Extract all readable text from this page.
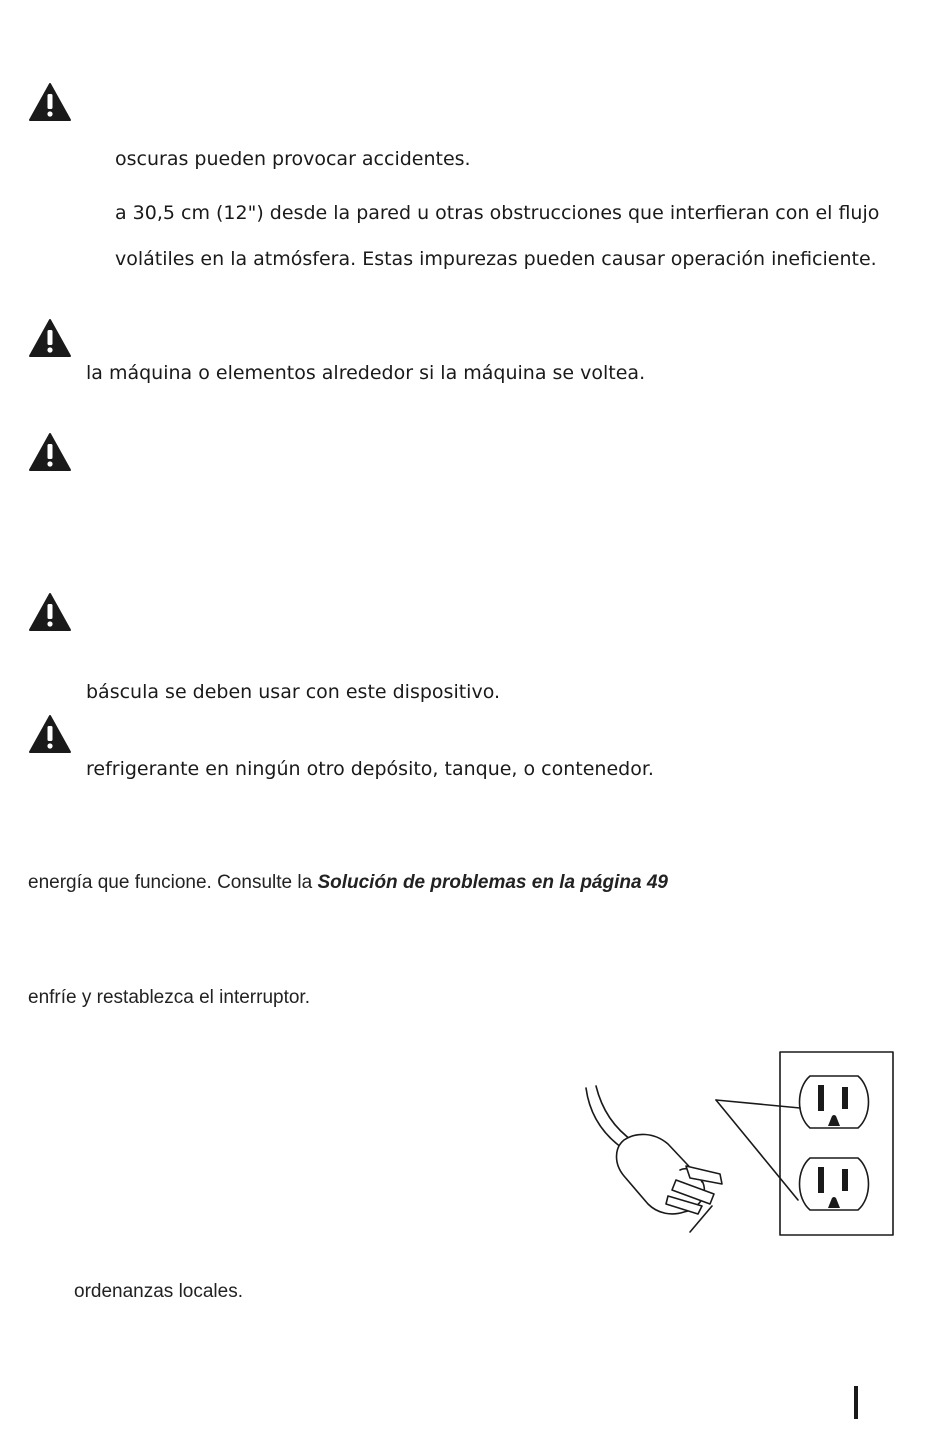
oscuras pueden provocar accidentes.
a 30,5 cm (12") desde la pared u otras obstrucciones que interfieran con el flujo
volátiles en la atmósfera. Estas impurezas pueden causar operación ineficiente.
la máquina o elementos alrededor si la máquina se voltea.
báscula se deben usar con este dispositivo.
refrigerante en ningún otro depósito, tanque, o contenedor.
energía que funcione. Consulte la Solución de problemas en la página 49
enfríe y restablezca el interruptor.
ordenanzas locales.
